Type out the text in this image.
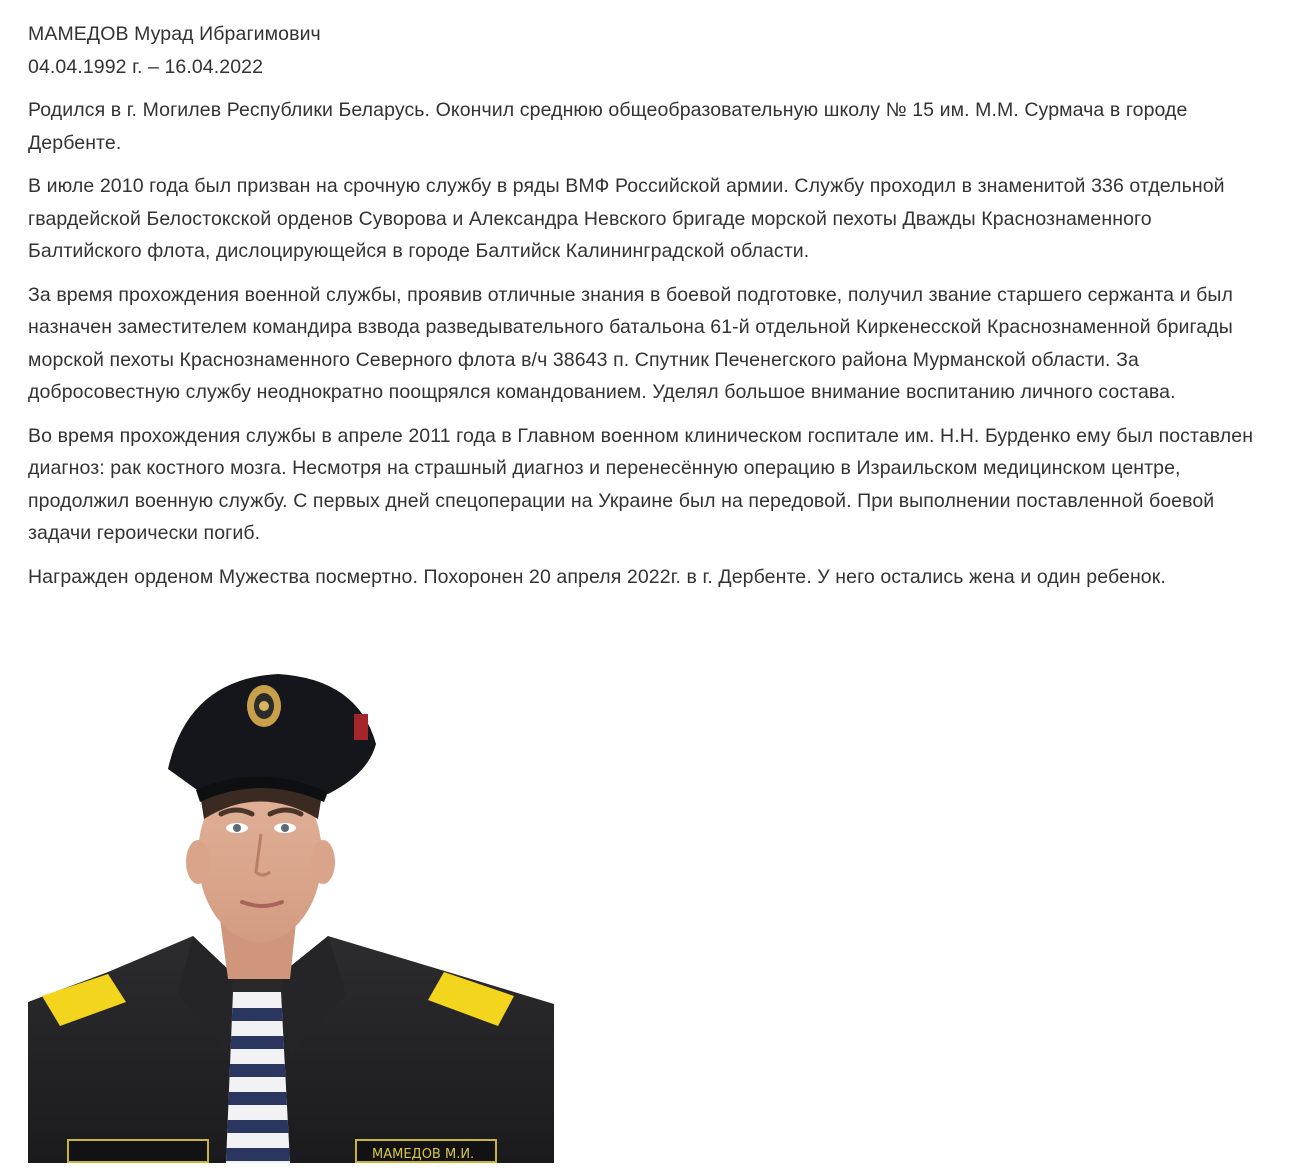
МАМЕДОВ Мурад Ибрагимович
04.04.1992 г. – 16.04.2022

Родился в г. Могилев Республики Беларусь. Окончил среднюю общеобразовательную школу № 15 им. М.М. Сурмача в городе Дербенте.

В июле 2010 года был призван на срочную службу в ряды ВМФ Российской армии. Службу проходил в знаменитой 336 отдельной гвардейской Белостокской орденов Суворова и Александра Невского бригаде морской пехоты Дважды Краснознаменного Балтийского флота, дислоцирующейся в городе Балтийск Калининградской области.

За время прохождения военной службы, проявив отличные знания в боевой подготовке, получил звание старшего сержанта и был назначен заместителем командира взвода разведывательного батальона 61-й отдельной Киркенесской Краснознаменной бригады морской пехоты Краснознаменного Северного флота в/ч 38643 п. Спутник Печенегского района Мурманской области. За добросовестную службу неоднократно поощрялся командованием. Уделял большое внимание воспитанию личного состава.

Во время прохождения службы в апреле 2011 года в Главном военном клиническом госпитале им. Н.Н. Бурденко ему был поставлен диагноз: рак костного мозга. Несмотря на страшный диагноз и перенесённую операцию в Израильском медицинском центре, продолжил военную службу. С первых дней спецоперации на Украине был на передовой. При выполнении поставленной боевой задачи героически погиб.

Награжден орденом Мужества посмертно. Похоронен 20 апреля 2022г. в г. Дербенте. У него остались жена и один ребенок.

МАМЕДОВ М.И.
